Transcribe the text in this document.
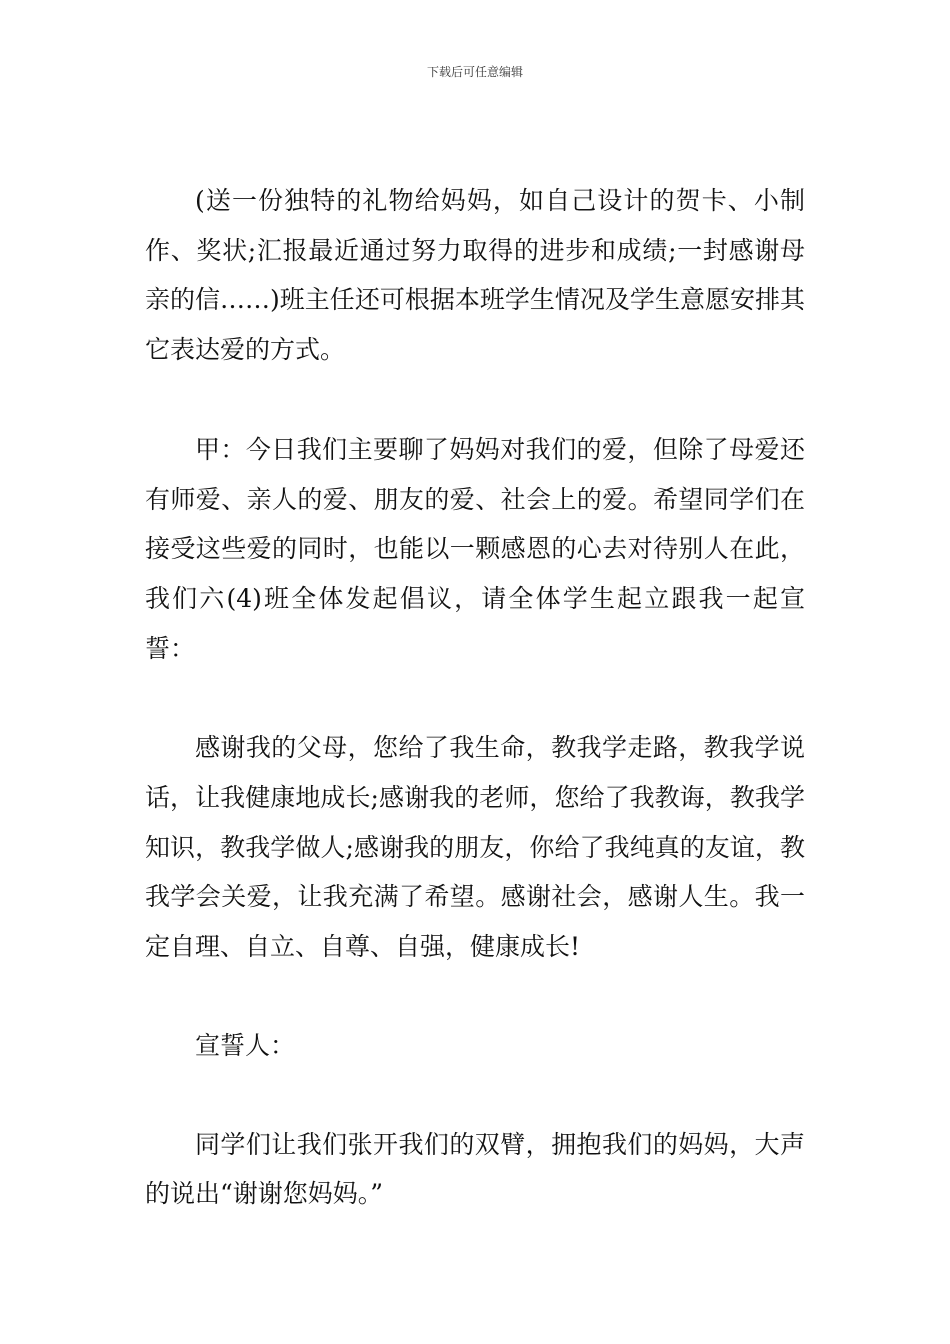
下载后可任意编辑

(送一份独特的礼物给妈妈，如自己设计的贺卡、小制作、奖状;汇报最近通过努力取得的进步和成绩;一封感谢母亲的信……)班主任还可根据本班学生情况及学生意愿安排其它表达爱的方式。

甲：今日我们主要聊了妈妈对我们的爱，但除了母爱还有师爱、亲人的爱、朋友的爱、社会上的爱。希望同学们在接受这些爱的同时，也能以一颗感恩的心去对待别人在此，我们六(4)班全体发起倡议，请全体学生起立跟我一起宣誓：

感谢我的父母，您给了我生命，教我学走路，教我学说话，让我健康地成长;感谢我的老师，您给了我教诲，教我学知识，教我学做人;感谢我的朋友，你给了我纯真的友谊，教我学会关爱，让我充满了希望。感谢社会，感谢人生。我一定自理、自立、自尊、自强，健康成长!

宣誓人：

同学们让我们张开我们的双臂，拥抱我们的妈妈，大声的说出“谢谢您妈妈。”
